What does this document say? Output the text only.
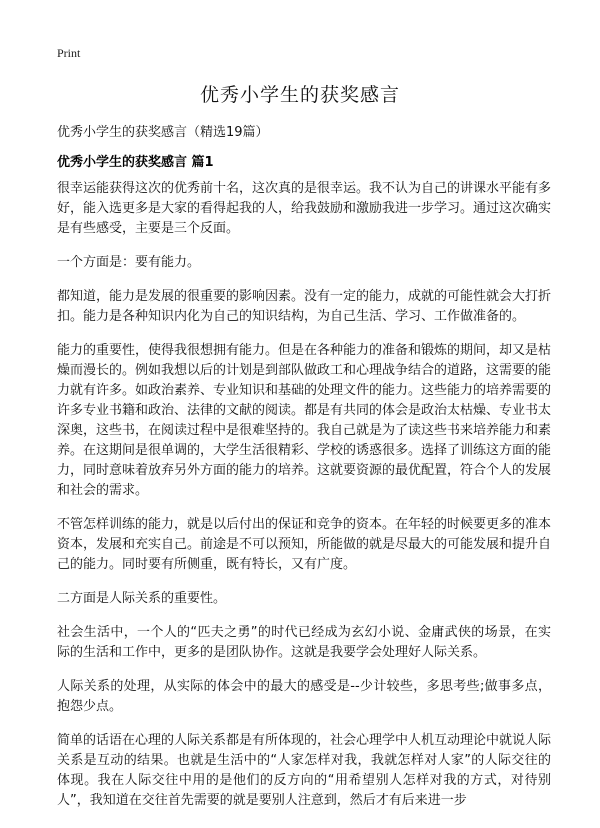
Print
优秀小学生的获奖感言
优秀小学生的获奖感言（精选19篇）
优秀小学生的获奖感言 篇1

很幸运能获得这次的优秀前十名，这次真的是很幸运。我不认为自己的讲课水平能有多好，能入选更多是大家的看得起我的人，给我鼓励和激励我进一步学习。通过这次确实是有些感受，主要是三个反面。

一个方面是：要有能力。

都知道，能力是发展的很重要的影响因素。没有一定的能力，成就的可能性就会大打折扣。能力是各种知识内化为自己的知识结构，为自己生活、学习、工作做准备的。

能力的重要性，使得我很想拥有能力。但是在各种能力的准备和锻炼的期间，却又是枯燥而漫长的。例如我想以后的计划是到部队做政工和心理战争结合的道路，这需要的能力就有许多。如政治素养、专业知识和基础的处理文件的能力。这些能力的培养需要的许多专业书籍和政治、法律的文献的阅读。都是有共同的体会是政治太枯燥、专业书太深奥，这些书，在阅读过程中是很难坚持的。我自己就是为了读这些书来培养能力和素养。在这期间是很单调的，大学生活很精彩、学校的诱惑很多。选择了训练这方面的能力，同时意味着放弃另外方面的能力的培养。这就要资源的最优配置，符合个人的发展和社会的需求。

不管怎样训练的能力，就是以后付出的保证和竞争的资本。在年轻的时候要更多的准本资本，发展和充实自己。前途是不可以预知，所能做的就是尽最大的可能发展和提升自己的能力。同时要有所侧重，既有特长，又有广度。

二方面是人际关系的重要性。

社会生活中，一个人的“匹夫之勇”的时代已经成为玄幻小说、金庸武侠的场景，在实际的生活和工作中，更多的是团队协作。这就是我要学会处理好人际关系。

人际关系的处理，从实际的体会中的最大的感受是--少计较些，多思考些;做事多点，抱怨少点。

简单的话语在心理的人际关系都是有所体现的，社会心理学中人机互动理论中就说人际关系是互动的结果。也就是生活中的“人家怎样对我，我就怎样对人家”的人际交往的体现。我在人际交往中用的是他们的反方向的“用希望别人怎样对我的方式，对待别人”，我知道在交往首先需要的就是要别人注意到，然后才有后来进一步
